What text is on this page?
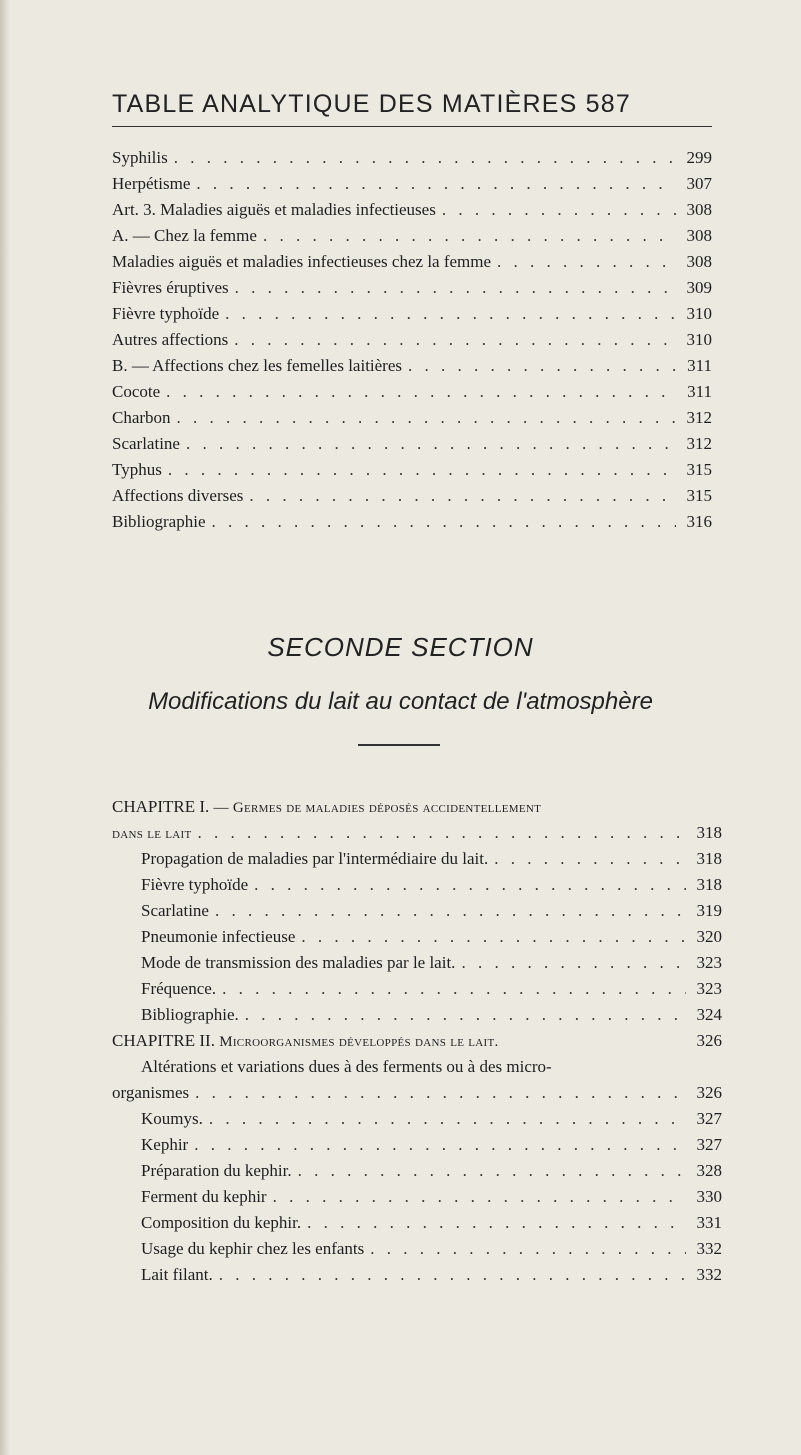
TABLE ANALYTIQUE DES MATIÈRES 587
Syphilis . . .	299
Herpétisme . . .	307
Art. 3. Maladies aiguës et maladies infectieuses . . .	308
A. — Chez la femme . . .	308
Maladies aiguës et maladies infectieuses chez la femme . . .	308
Fièvres éruptives . . .	309
Fièvre typhoïde . . .	310
Autres affections . . .	310
B. — Affections chez les femelles laitières . . .	311
Cocote . . .	311
Charbon . . .	312
Scarlatine . . .	312
Typhus . . .	315
Affections diverses . . .	315
Bibliographie . . .	316
SECONDE SECTION
Modifications du lait au contact de l'atmosphère
CHAPITRE I. — Germes de maladies déposés accidentellement
dans le lait . . .	318
Propagation de maladies par l'intermédiaire du lait. . . .	318
Fièvre typhoïde . . .	318
Scarlatine . . .	319
Pneumonie infectieuse . . .	320
Mode de transmission des maladies par le lait. . . .	323
Fréquence. . . .	323
Bibliographie. . . .	324
CHAPITRE II. Microorganismes développés dans le lait.	326
Altérations et variations dues à des ferments ou à des micro-
organismes . . .	326
Koumys. . . .	327
Kephir . . .	327
Préparation du kephir. . . .	328
Ferment du kephir . . .	330
Composition du kephir. . . .	331
Usage du kephir chez les enfants . . .	332
Lait filant. . . .	332
